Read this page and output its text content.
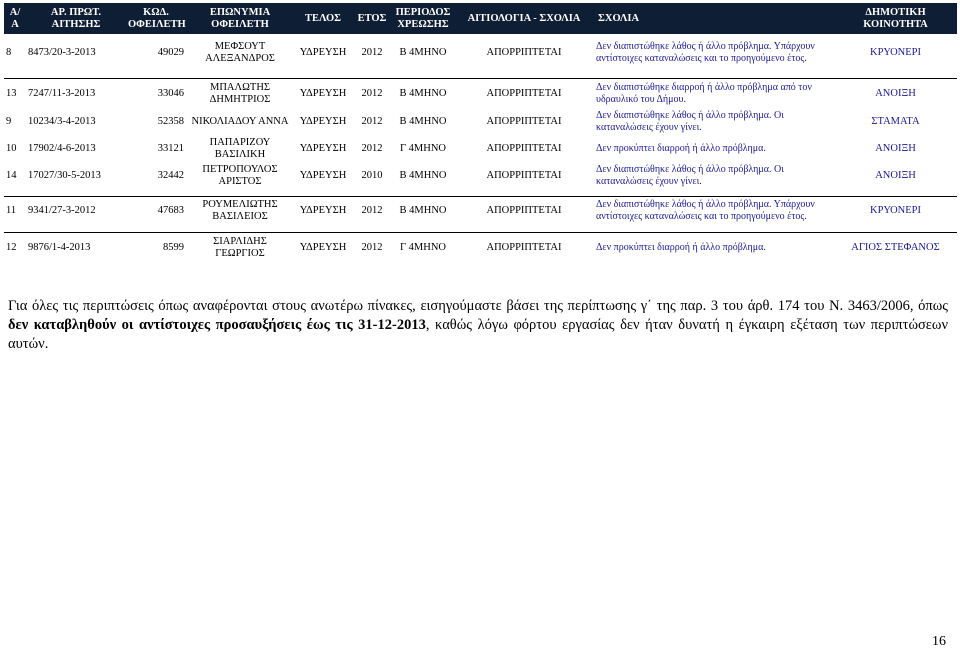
Α/Α	ΑΡ. ΠΡΩΤ. ΑΙΤΗΣΗΣ	ΚΩΔ. ΟΦΕΙΛΕΤΗ	ΕΠΩΝΥΜΙΑ ΟΦΕΙΛΕΤΗ	ΤΕΛΟΣ	ΕΤΟΣ	ΠΕΡΙΟΔΟΣ ΧΡΕΩΣΗΣ	ΑΙΤΙΟΛΟΓΙΑ - ΣΧΟΛΙΑ	ΣΧΟΛΙΑ	ΔΗΜΟΤΙΚΗ ΚΟΙΝΟΤΗΤΑ
8	8473/20-3-2013	49029	ΜΕΦΣΟΥΤ ΑΛΕΞΑΝΔΡΟΣ	ΥΔΡΕΥΣΗ	2012	Β 4ΜΗΝΟ	ΑΠΟΡΡΙΠΤΕΤΑΙ	Δεν διαπιστώθηκε λάθος ή άλλο πρόβλημα. Υπάρχουν αντίστοιχες καταναλώσεις και το προηγούμενο έτος.	ΚΡΥΟΝΕΡΙ

13	7247/11-3-2013	33046	ΜΠΑΛΩΤΗΣ ΔΗΜΗΤΡΙΟΣ	ΥΔΡΕΥΣΗ	2012	Β 4ΜΗΝΟ	ΑΠΟΡΡΙΠΤΕΤΑΙ	Δεν διαπιστώθηκε διαρροή ή άλλο πρόβλημα από τον υδραυλικό του Δήμου.	ΑΝΟΙΞΗ
9	10234/3-4-2013	52358	ΝΙΚΟΛΙΑΔΟΥ ΑΝΝΑ	ΥΔΡΕΥΣΗ	2012	Β 4ΜΗΝΟ	ΑΠΟΡΡΙΠΤΕΤΑΙ	Δεν διαπιστώθηκε λάθος ή άλλο πρόβλημα. Οι καταναλώσεις έχουν γίνει.	ΣΤΑΜΑΤΑ
10	17902/4-6-2013	33121	ΠΑΠΑΡΙΖΟΥ ΒΑΣΙΛΙΚΗ	ΥΔΡΕΥΣΗ	2012	Γ 4ΜΗΝΟ	ΑΠΟΡΡΙΠΤΕΤΑΙ	Δεν προκύπτει διαρροή ή άλλο πρόβλημα.	ΑΝΟΙΞΗ
14	17027/30-5-2013	32442	ΠΕΤΡΟΠΟΥΛΟΣ ΑΡΙΣΤΟΣ	ΥΔΡΕΥΣΗ	2010	Β 4ΜΗΝΟ	ΑΠΟΡΡΙΠΤΕΤΑΙ	Δεν διαπιστώθηκε λάθος ή άλλο πρόβλημα. Οι καταναλώσεις έχουν γίνει.	ΑΝΟΙΞΗ

11	9341/27-3-2012	47683	ΡΟΥΜΕΛΙΩΤΗΣ ΒΑΣΙΛΕΙΟΣ	ΥΔΡΕΥΣΗ	2012	Β 4ΜΗΝΟ	ΑΠΟΡΡΙΠΤΕΤΑΙ	Δεν διαπιστώθηκε λάθος ή άλλο πρόβλημα. Υπάρχουν αντίστοιχες καταναλώσεις και το προηγούμενο έτος.	ΚΡΥΟΝΕΡΙ

12	9876/1-4-2013	8599	ΣΙΑΡΛΙΔΗΣ ΓΕΩΡΓΙΟΣ	ΥΔΡΕΥΣΗ	2012	Γ 4ΜΗΝΟ	ΑΠΟΡΡΙΠΤΕΤΑΙ	Δεν προκύπτει διαρροή ή άλλο πρόβλημα.	ΑΓΙΟΣ ΣΤΕΦΑΝΟΣ

Για όλες τις περιπτώσεις όπως αναφέρονται στους ανωτέρω πίνακες, εισηγούμαστε βάσει της περίπτωσης γ΄ της παρ. 3 του άρθ. 174 του Ν. 3463/2006, όπως δεν καταβληθούν οι αντίστοιχες προσαυξήσεις έως τις 31-12-2013, καθώς λόγω φόρτου εργασίας δεν ήταν δυνατή η έγκαιρη εξέταση των περιπτώσεων αυτών.

16
